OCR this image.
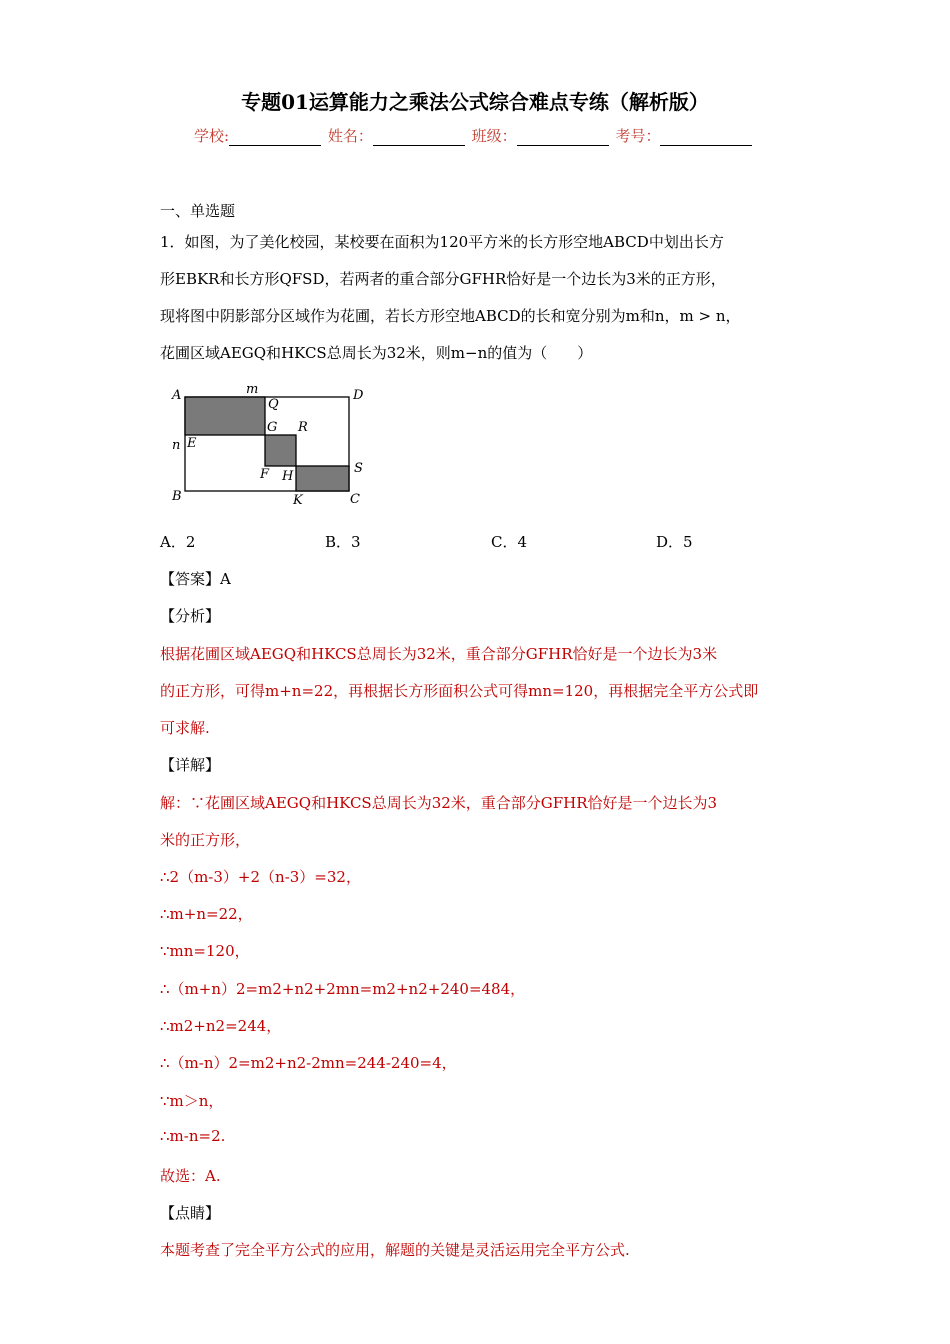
专题01运算能力之乘法公式综合难点专练（解析版）
学校:	姓名：	班级：	考号：
一、单选题
1．如图，为了美化校园，某校要在面积为120平方米的长方形空地ABCD中划出长方
形EBKR和长方形QFSD，若两者的重合部分GFHR恰好是一个边长为3米的正方形，
现将图中阴影部分区域作为花圃，若长方形空地ABCD的长和宽分别为m和n，m > n，
花圃区域AEGQ和HKCS总周长为32米，则m−n的值为（　　）
A	m	D
Q
G R
n E
F H
S
B	K	C
A．2	B．3	C．4	D．5
【答案】A
【分析】
根据花圃区域AEGQ和HKCS总周长为32米，重合部分GFHR恰好是一个边长为3米
的正方形，可得m+n=22，再根据长方形面积公式可得mn=120，再根据完全平方公式即
可求解.
【详解】
解：∵花圃区域AEGQ和HKCS总周长为32米，重合部分GFHR恰好是一个边长为3
米的正方形，
∴2（m-3）+2（n-3）=32，
∴m+n=22，
∵mn=120，
∴（m+n）2=m2+n2+2mn=m2+n2+240=484，
∴m2+n2=244，
∴（m-n）2=m2+n2-2mn=244-240=4，
∵m＞n，
∴m-n=2.
故选：A.
【点睛】
本题考查了完全平方公式的应用，解题的关键是灵活运用完全平方公式.
